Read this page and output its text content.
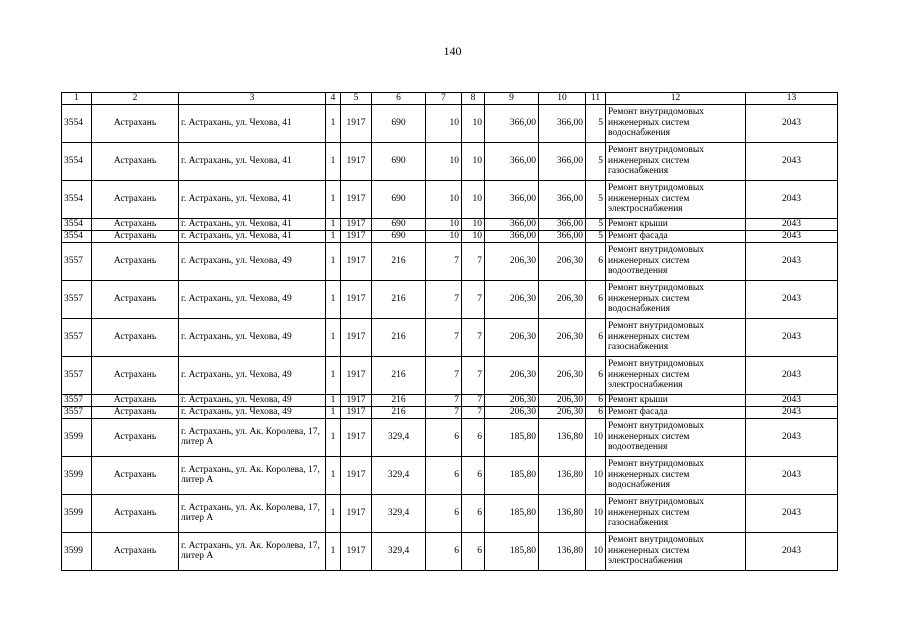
140
1	2	3	4	5	6	7	8	9	10	11	12	13
3554	Астрахань	г. Астрахань, ул. Чехова, 41	1	1917	690	10	10	366,00	366,00	5	Ремонт внутридомовых инженерных систем водоснабжения	2043
3554	Астрахань	г. Астрахань, ул. Чехова, 41	1	1917	690	10	10	366,00	366,00	5	Ремонт внутридомовых инженерных систем газоснабжения	2043
3554	Астрахань	г. Астрахань, ул. Чехова, 41	1	1917	690	10	10	366,00	366,00	5	Ремонт внутридомовых инженерных систем электроснабжения	2043
3554	Астрахань	г. Астрахань, ул. Чехова, 41	1	1917	690	10	10	366,00	366,00	5	Ремонт крыши	2043
3554	Астрахань	г. Астрахань, ул. Чехова, 41	1	1917	690	10	10	366,00	366,00	5	Ремонт фасада	2043
3557	Астрахань	г. Астрахань, ул. Чехова, 49	1	1917	216	7	7	206,30	206,30	6	Ремонт внутридомовых инженерных систем водоотведения	2043
3557	Астрахань	г. Астрахань, ул. Чехова, 49	1	1917	216	7	7	206,30	206,30	6	Ремонт внутридомовых инженерных систем водоснабжения	2043
3557	Астрахань	г. Астрахань, ул. Чехова, 49	1	1917	216	7	7	206,30	206,30	6	Ремонт внутридомовых инженерных систем газоснабжения	2043
3557	Астрахань	г. Астрахань, ул. Чехова, 49	1	1917	216	7	7	206,30	206,30	6	Ремонт внутридомовых инженерных систем электроснабжения	2043
3557	Астрахань	г. Астрахань, ул. Чехова, 49	1	1917	216	7	7	206,30	206,30	6	Ремонт крыши	2043
3557	Астрахань	г. Астрахань, ул. Чехова, 49	1	1917	216	7	7	206,30	206,30	6	Ремонт фасада	2043
3599	Астрахань	г. Астрахань, ул. Ак. Королева, 17, литер А	1	1917	329,4	6	6	185,80	136,80	10	Ремонт внутридомовых инженерных систем водоотведения	2043
3599	Астрахань	г. Астрахань, ул. Ак. Королева, 17, литер А	1	1917	329,4	6	6	185,80	136,80	10	Ремонт внутридомовых инженерных систем водоснабжения	2043
3599	Астрахань	г. Астрахань, ул. Ак. Королева, 17, литер А	1	1917	329,4	6	6	185,80	136,80	10	Ремонт внутридомовых инженерных систем газоснабжения	2043
3599	Астрахань	г. Астрахань, ул. Ак. Королева, 17, литер А	1	1917	329,4	6	6	185,80	136,80	10	Ремонт внутридомовых инженерных систем электроснабжения	2043
